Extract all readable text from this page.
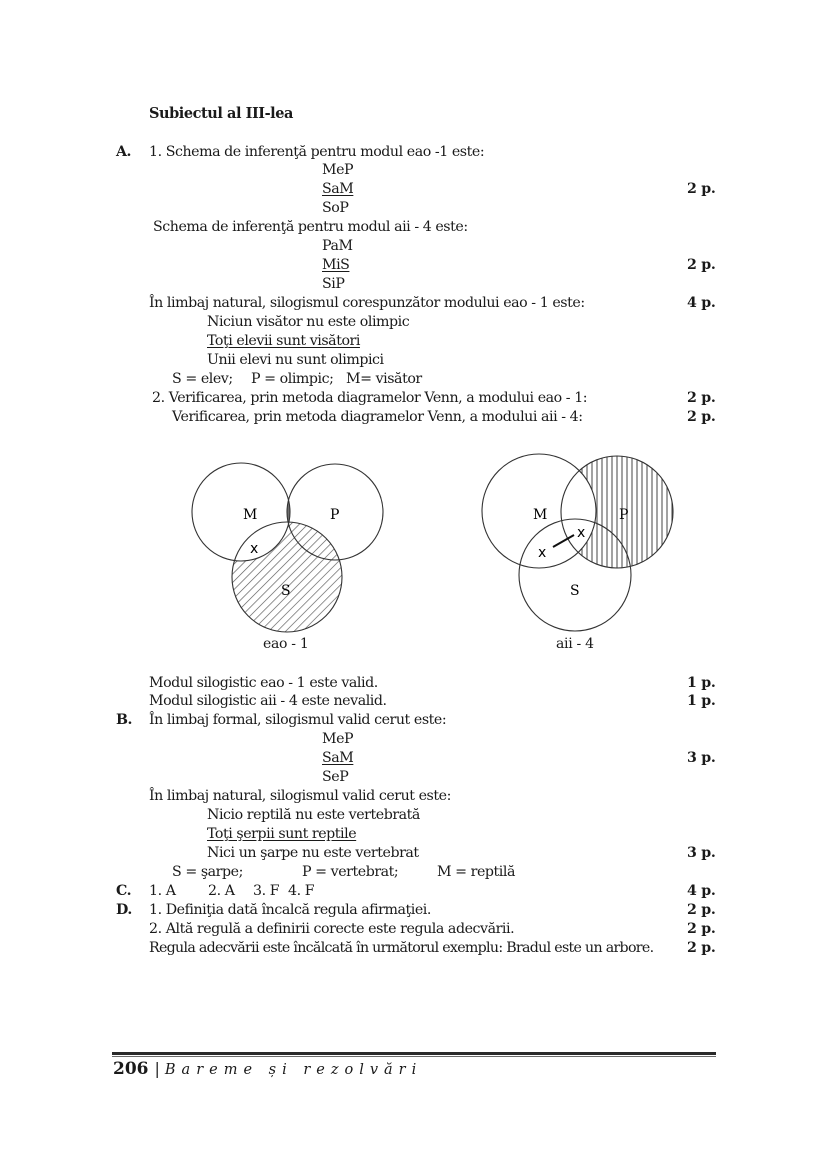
Subiectul al III-lea
A. 1. Schema de inferenţă pentru modul eao -1 este:
MeP
SaM	2 p.
SoP
Schema de inferenţă pentru modul aii - 4 este:
PaM
MiS	2 p.
SiP
În limbaj natural, silogismul corespunzător modului eao - 1 este:	4 p.
Niciun visător nu este olimpic
Toţi elevii sunt visători
Unii elevi nu sunt olimpici
S = elev; P = olimpic; M= visător
2. Verificarea, prin metoda diagramelor Venn, a modului eao - 1:	2 p.
Verificarea, prin metoda diagramelor Venn, a modului aii - 4:	2 p.
M	P
S
x
eao - 1
M	P
S
x
x
aii - 4
Modul silogistic eao - 1 este valid.	1 p.
Modul silogistic aii - 4 este nevalid.	1 p.
B. În limbaj formal, silogismul valid cerut este:
MeP
SaM	3 p.
SeP
În limbaj natural, silogismul valid cerut este:
Nicio reptilă nu este vertebrată
Toţi şerpii sunt reptile
Nici un şarpe nu este vertebrat	3 p.
S = şarpe;	P = vertebrat;	M = reptilă
C. 1. A 2. A 3. F 4. F	4 p.
D. 1. Definiţia dată încalcă regula afirmaţiei.	2 p.
2. Altă regulă a definirii corecte este regula adecvării.	2 p.
Regula adecvării este încălcată în următorul exemplu: Bradul este un arbore. 2 p.
206 | Bareme și rezolvări
